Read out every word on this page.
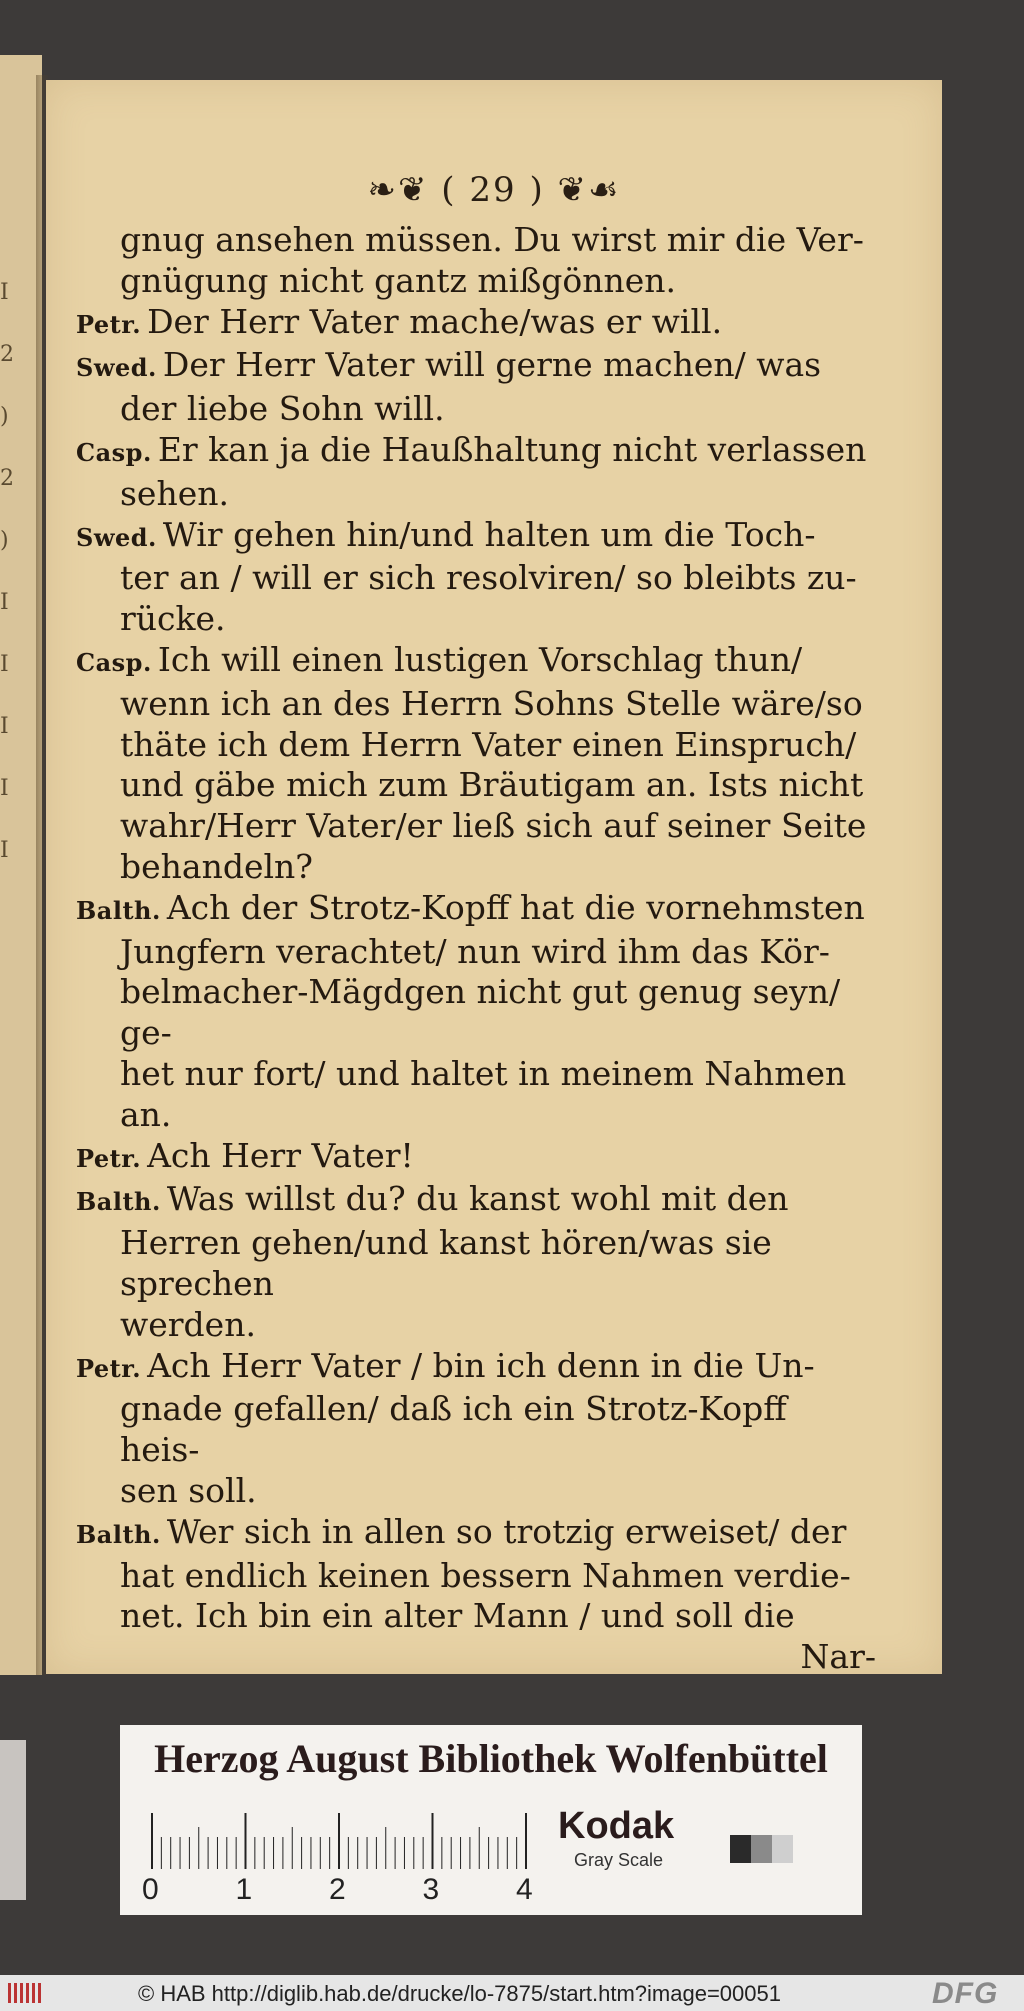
I
2
)
2
)
I
I
I
I
I
❧❦ ( 29 ) ❦☙
gnug ansehen müssen. Du wirst mir die Ver-
gnügung nicht gantz mißgönnen.
Petr. Der Herr Vater mache/was er will.
Swed. Der Herr Vater will gerne machen/ was
der liebe Sohn will.
Casp. Er kan ja die Haußhaltung nicht verlassen
sehen.
Swed. Wir gehen hin/und halten um die Toch-
ter an / will er sich resolviren/ so bleibts zu-
rücke.
Casp. Ich will einen lustigen Vorschlag thun/
wenn ich an des Herrn Sohns Stelle wäre/so
thäte ich dem Herrn Vater einen Einspruch/
und gäbe mich zum Bräutigam an. Ists nicht
wahr/Herr Vater/er ließ sich auf seiner Seite
behandeln?
Balth. Ach der Strotz-Kopff hat die vornehmsten
Jungfern verachtet/ nun wird ihm das Kör-
belmacher-Mägdgen nicht gut genug seyn/ ge-
het nur fort/ und haltet in meinem Nahmen
an.
Petr. Ach Herr Vater!
Balth. Was willst du? du kanst wohl mit den
Herren gehen/und kanst hören/was sie sprechen
werden.
Petr. Ach Herr Vater / bin ich denn in die Un-
gnade gefallen/ daß ich ein Strotz-Kopff heis-
sen soll.
Balth. Wer sich in allen so trotzig erweiset/ der
hat endlich keinen bessern Nahmen verdie-
net. Ich bin ein alter Mann / und soll die
Nar-
Herzog August Bibliothek Wolfenbüttel
0	1	2	3	4
Kodak
Gray Scale
© HAB http://diglib.hab.de/drucke/lo-7875/start.htm?image=00051	DFG
